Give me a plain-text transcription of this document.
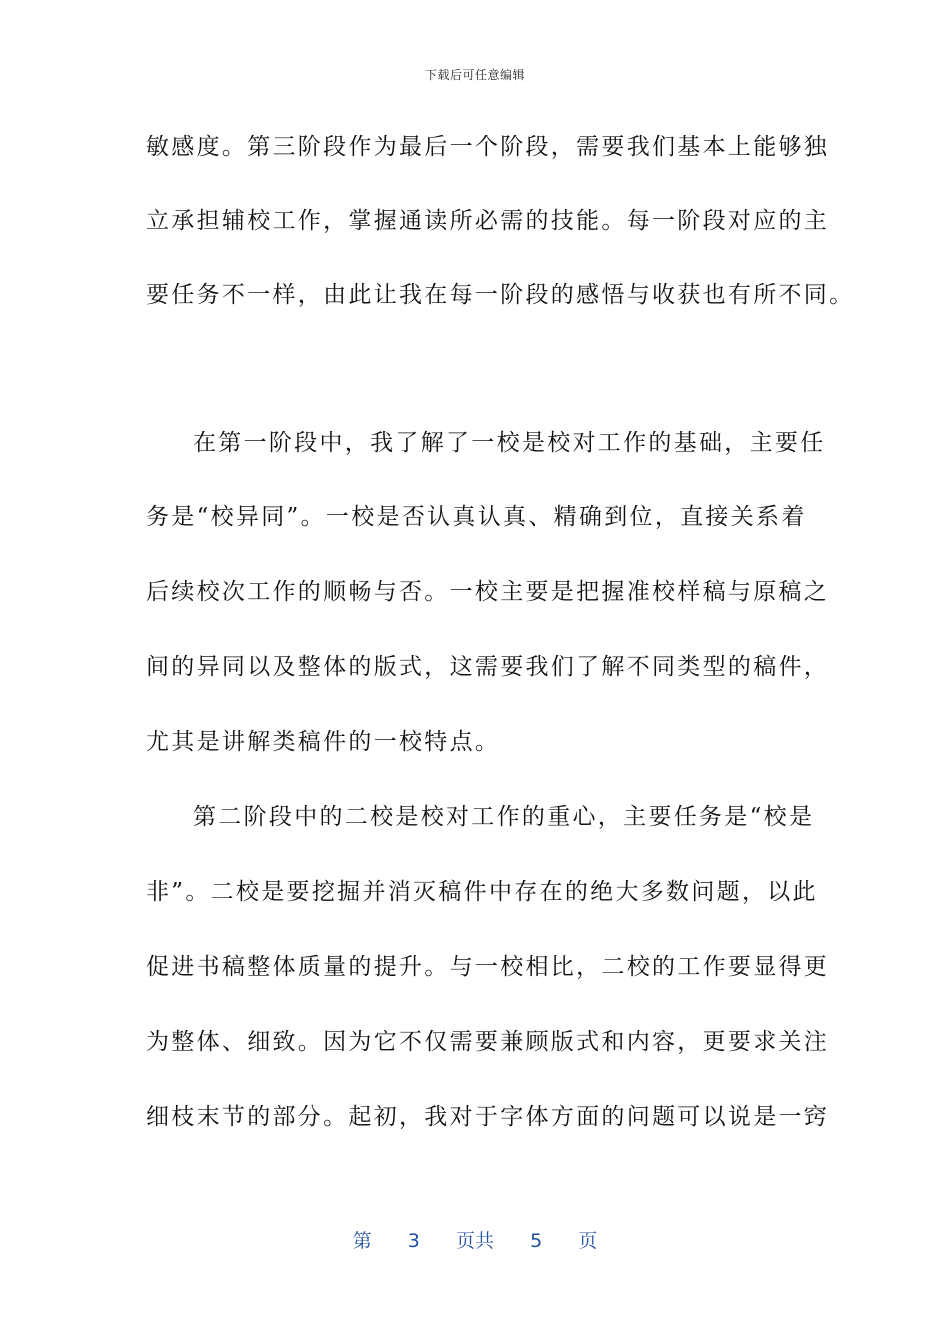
下载后可任意编辑
敏感度。第三阶段作为最后一个阶段，需要我们基本上能够独
立承担辅校工作，掌握通读所必需的技能。每一阶段对应的主
要任务不一样，由此让我在每一阶段的感悟与收获也有所不同。
在第一阶段中，我了解了一校是校对工作的基础，主要任
务是“校异同”。一校是否认真认真、精确到位，直接关系着
后续校次工作的顺畅与否。一校主要是把握准校样稿与原稿之
间的异同以及整体的版式，这需要我们了解不同类型的稿件，
尤其是讲解类稿件的一校特点。
第二阶段中的二校是校对工作的重心，主要任务是“校是
非”。二校是要挖掘并消灭稿件中存在的绝大多数问题，以此
促进书稿整体质量的提升。与一校相比，二校的工作要显得更
为整体、细致。因为它不仅需要兼顾版式和内容，更要求关注
细枝末节的部分。起初，我对于字体方面的问题可以说是一窍
第 3 页共 5 页
